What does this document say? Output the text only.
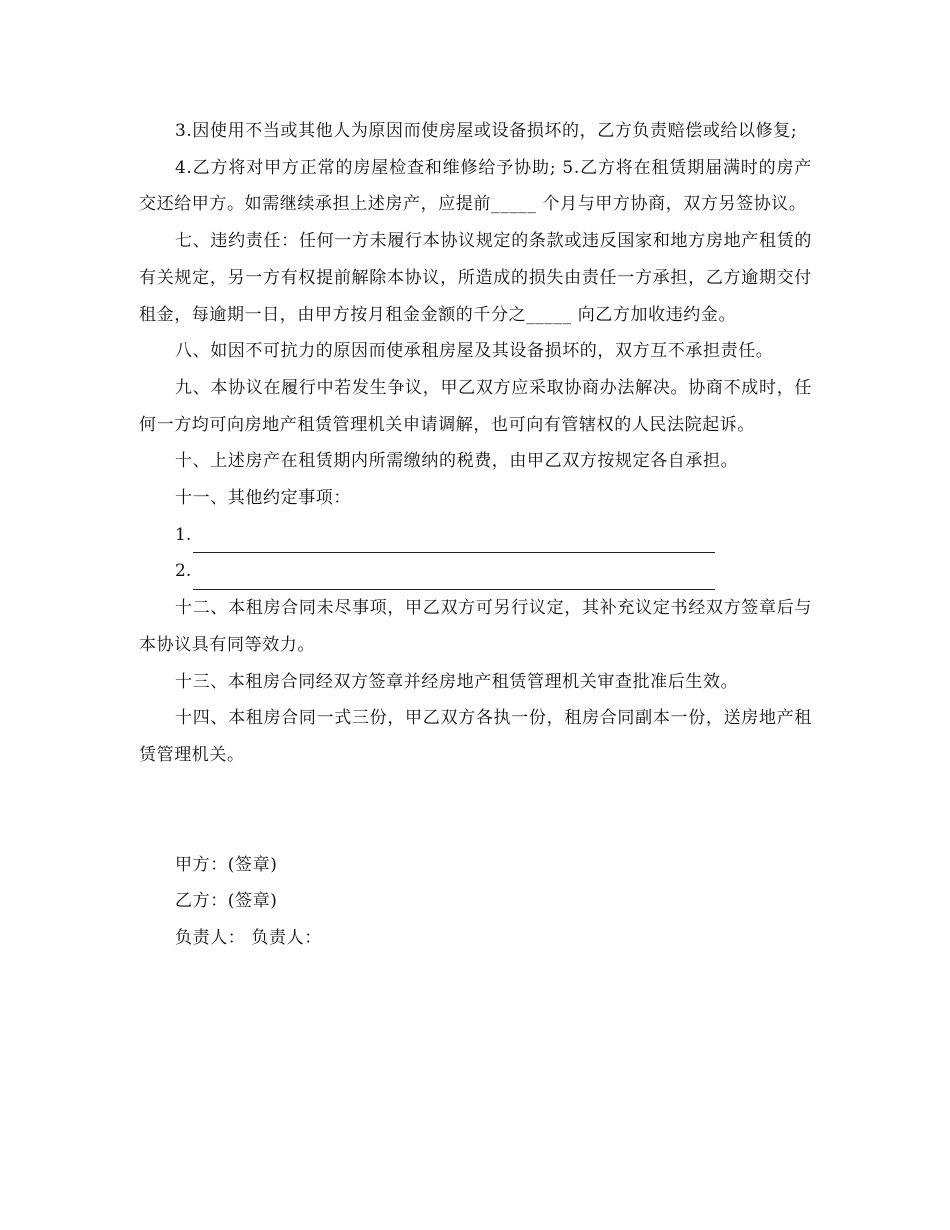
3.因使用不当或其他人为原因而使房屋或设备损坏的，乙方负责赔偿或给以修复;

4.乙方将对甲方正常的房屋检查和维修给予协助; 5.乙方将在租赁期届满时的房产交还给甲方。如需继续承担上述房产，应提前_____ 个月与甲方协商，双方另签协议。

七、违约责任：任何一方未履行本协议规定的条款或违反国家和地方房地产租赁的有关规定，另一方有权提前解除本协议，所造成的损失由责任一方承担，乙方逾期交付租金，每逾期一日，由甲方按月租金金额的千分之_____ 向乙方加收违约金。

八、如因不可抗力的原因而使承租房屋及其设备损坏的，双方互不承担责任。

九、本协议在履行中若发生争议，甲乙双方应采取协商办法解决。协商不成时，任何一方均可向房地产租赁管理机关申请调解，也可向有管辖权的人民法院起诉。

十、上述房产在租赁期内所需缴纳的税费，由甲乙双方按规定各自承担。

十一、其他约定事项：

1.
2.

十二、本租房合同未尽事项，甲乙双方可另行议定，其补充议定书经双方签章后与本协议具有同等效力。

十三、本租房合同经双方签章并经房地产租赁管理机关审查批准后生效。

十四、本租房合同一式三份，甲乙双方各执一份，租房合同副本一份，送房地产租赁管理机关。

甲方：(签章)

乙方：(签章)

负责人： 负责人：
